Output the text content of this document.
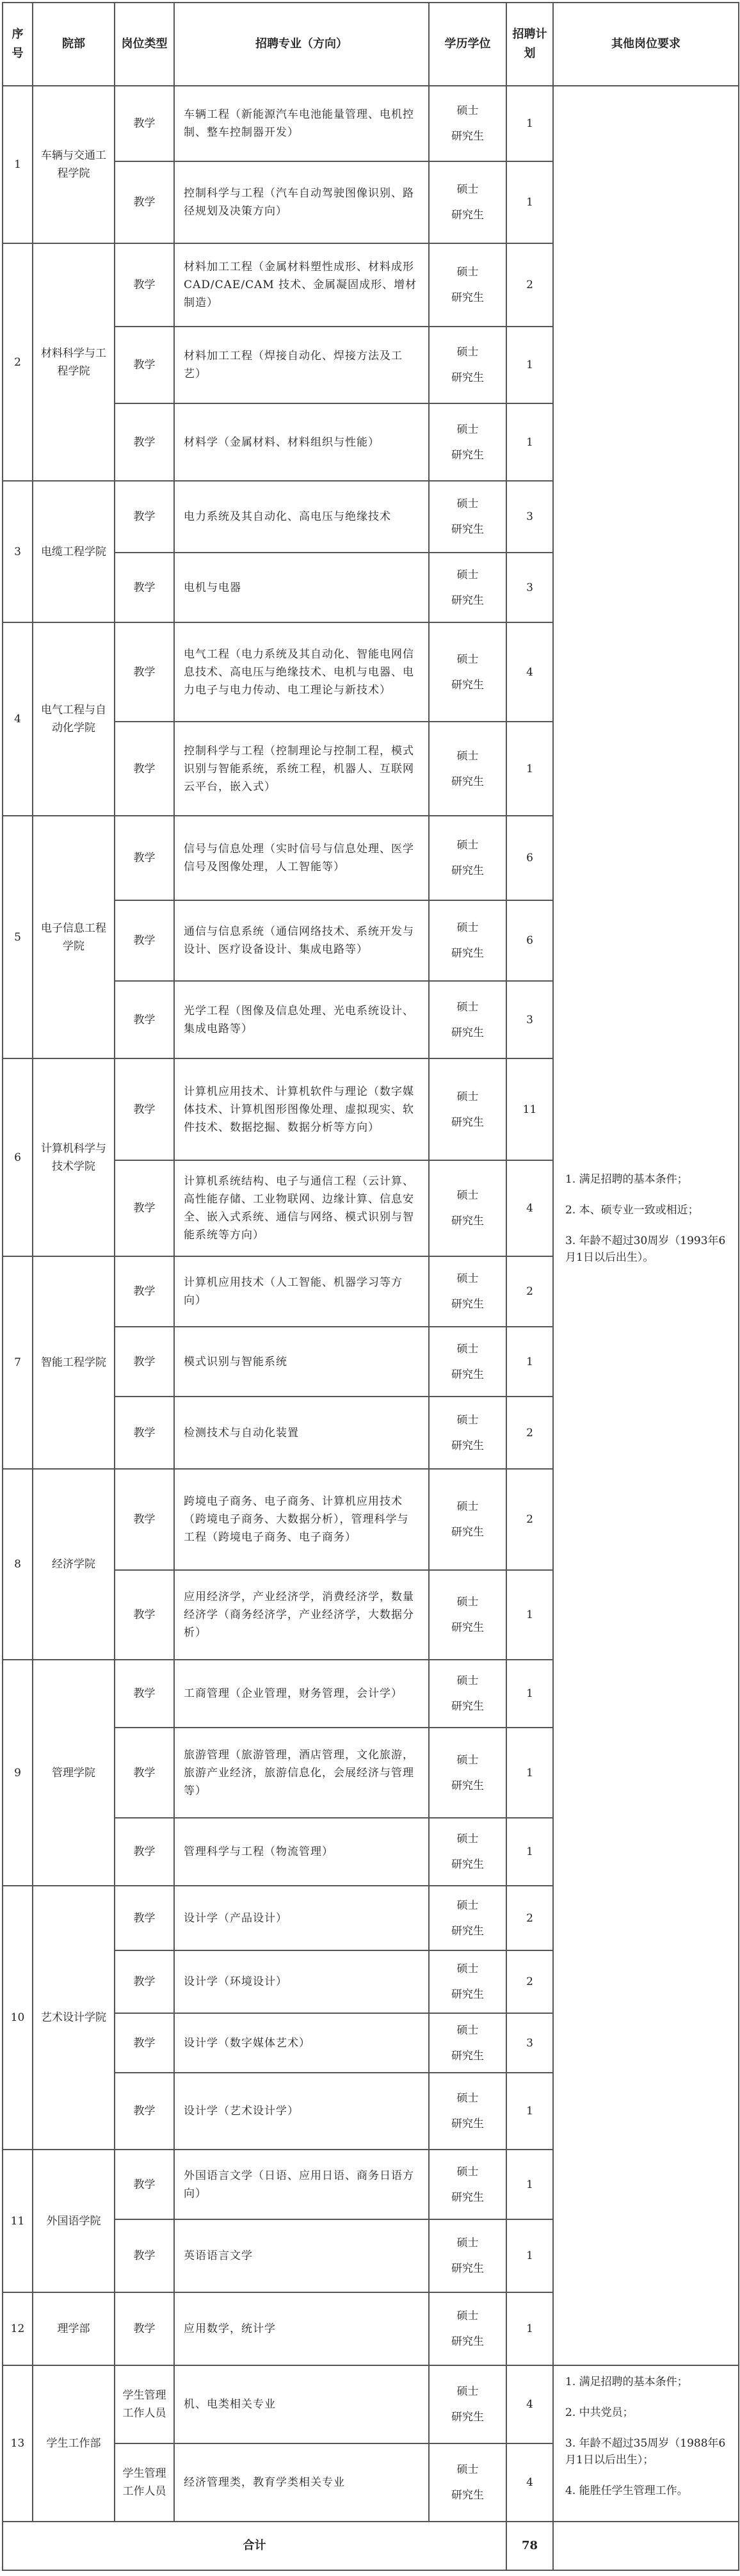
序号	院部	岗位类型	招聘专业（方向）	学历学位	招聘计划	其他岗位要求
1	车辆与交通工程学院	教学	车辆工程（新能源汽车电池能量管理、电机控制、整车控制器开发）	硕士
研究生	1	1. 满足招聘的基本条件；
2. 本、硕专业一致或相近；
3. 年龄不超过30周岁（1993年6月1日以后出生）。

		教学	控制科学与工程（汽车自动驾驶图像识别、路径规划及决策方向）	硕士
研究生	1	
2	材料科学与工程学院	教学	材料加工工程（金属材料塑性成形、材料成形 CAD/CAE/CAM 技术、金属凝固成形、增材制造）	硕士
研究生	2	
		教学	材料加工工程（焊接自动化、焊接方法及工艺）	硕士
研究生	1	
		教学	材料学（金属材料、材料组织与性能）	硕士
研究生	1	
3	电缆工程学院	教学	电力系统及其自动化、高电压与绝缘技术	硕士
研究生	3	
		教学	电机与电器	硕士
研究生	3	
4	电气工程与自动化学院	教学	电气工程（电力系统及其自动化、智能电网信息技术、高电压与绝缘技术、电机与电器、电力电子与电力传动、电工理论与新技术）	硕士
研究生	4	
		教学	控制科学与工程（控制理论与控制工程，模式识别与智能系统，系统工程，机器人、互联网云平台，嵌入式）	硕士
研究生	1	
5	电子信息工程学院	教学	信号与信息处理（实时信号与信息处理、医学信号及图像处理，人工智能等）	硕士
研究生	6	
		教学	通信与信息系统（通信网络技术、系统开发与设计、医疗设备设计、集成电路等）	硕士
研究生	6	
		教学	光学工程（图像及信息处理、光电系统设计、集成电路等）	硕士
研究生	3	
6	计算机科学与技术学院	教学	计算机应用技术、计算机软件与理论（数字媒体技术、计算机图形图像处理、虚拟现实、软件技术、数据挖掘、数据分析等方向）	硕士
研究生	11	
		教学	计算机系统结构、电子与通信工程（云计算、高性能存储、工业物联网、边缘计算、信息安全、嵌入式系统、通信与网络、模式识别与智能系统等方向）	硕士
研究生	4	
7	智能工程学院	教学	计算机应用技术（人工智能、机器学习等方向）	硕士
研究生	2	
		教学	模式识别与智能系统	硕士
研究生	1	
		教学	检测技术与自动化装置	硕士
研究生	2	
8	经济学院	教学	跨境电子商务、电子商务、计算机应用技术（跨境电子商务、大数据分析），管理科学与工程（跨境电子商务、电子商务）	硕士
研究生	2	
		教学	应用经济学，产业经济学，消费经济学，数量经济学（商务经济学，产业经济学，大数据分析）	硕士
研究生	1	
9	管理学院	教学	工商管理（企业管理，财务管理，会计学）	硕士
研究生	1	
		教学	旅游管理（旅游管理，酒店管理，文化旅游，旅游产业经济，旅游信息化，会展经济与管理等）	硕士
研究生	1	
		教学	管理科学与工程（物流管理）	硕士
研究生	1	
10	艺术设计学院	教学	设计学（产品设计）	硕士
研究生	2	
		教学	设计学（环境设计）	硕士
研究生	2	
		教学	设计学（数字媒体艺术）	硕士
研究生	3	
		教学	设计学（艺术设计学）	硕士
研究生	1	
11	外国语学院	教学	外国语言文学（日语、应用日语、商务日语方向）	硕士
研究生	1	
		教学	英语语言文学	硕士
研究生	1	
12	理学部	教学	应用数学，统计学	硕士
研究生	1	
13	学生工作部	学生管理工作人员	机、电类相关专业	硕士
研究生	4	1. 满足招聘的基本条件；
2. 中共党员；
3. 年龄不超过35周岁（1988年6月1日以后出生）；
4. 能胜任学生管理工作。

		学生管理工作人员	经济管理类，教育学类相关专业	硕士
研究生	4	
合计					78	
